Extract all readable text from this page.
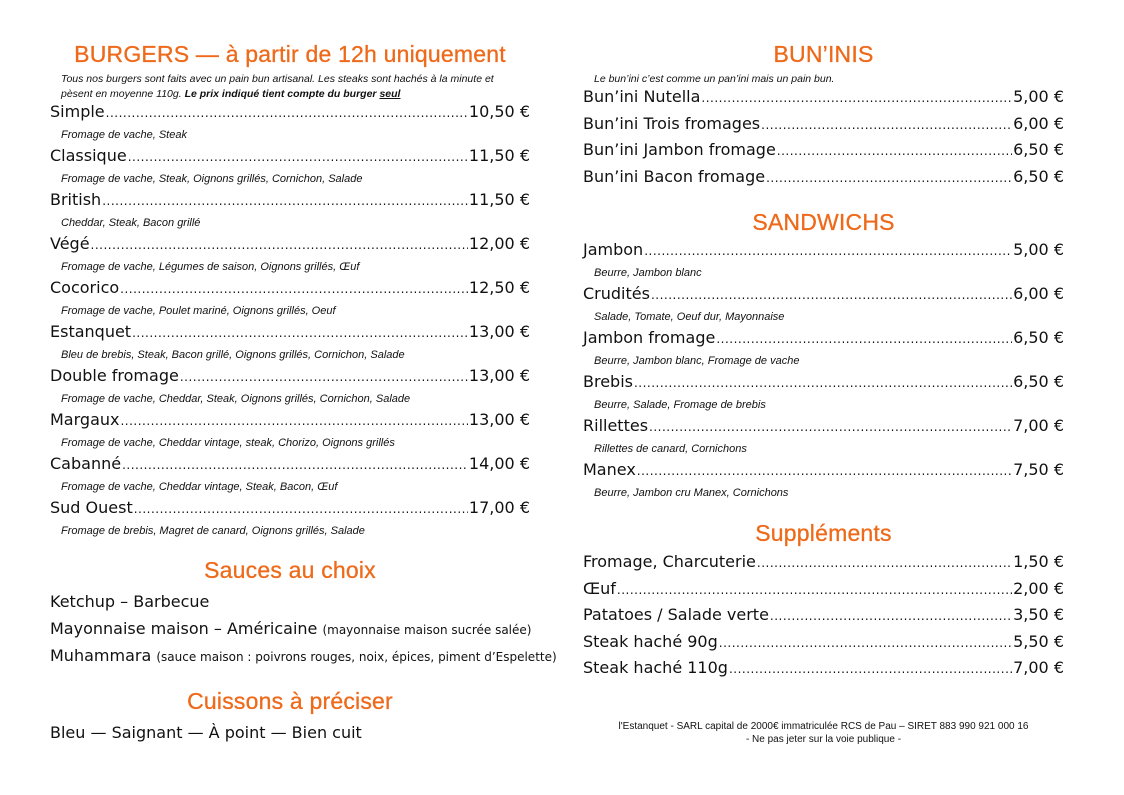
BURGERS — à partir de 12h uniquement
Tous nos burgers sont faits avec un pain bun artisanal. Les steaks sont hachés à la minute et
pèsent en moyenne 110g. Le prix indiqué tient compte du burger seul
Simple .....	10,50 €
Fromage de vache, Steak
Classique .....	11,50 €
Fromage de vache, Steak, Oignons grillés, Cornichon, Salade
British .....	11,50 €
Cheddar, Steak, Bacon grillé
Végé .....	12,00 €
Fromage de vache, Légumes de saison, Oignons grillés, Œuf
Cocorico .....	12,50 €
Fromage de vache, Poulet mariné, Oignons grillés, Oeuf
Estanquet .....	13,00 €
Bleu de brebis, Steak, Bacon grillé, Oignons grillés, Cornichon, Salade
Double fromage .....	13,00 €
Fromage de vache, Cheddar, Steak, Oignons grillés, Cornichon, Salade
Margaux .....	13,00 €
Fromage de vache, Cheddar vintage, steak, Chorizo, Oignons grillés
Cabanné .....	14,00 €
Fromage de vache, Cheddar vintage, Steak, Bacon, Œuf
Sud Ouest .....	17,00 €
Fromage de brebis, Magret de canard, Oignons grillés, Salade
Sauces au choix
Ketchup – Barbecue
Mayonnaise maison – Américaine (mayonnaise maison sucrée salée)
Muhammara (sauce maison : poivrons rouges, noix, épices, piment d’Espelette)
Cuissons à préciser
Bleu — Saignant — À point — Bien cuit
BUN’INIS
Le bun’ini c’est comme un pan’ini mais un pain bun.
Bun’ini Nutella .....	5,00 €
Bun’ini Trois fromages .....	6,00 €
Bun’ini Jambon fromage .....	6,50 €
Bun’ini Bacon fromage .....	6,50 €
SANDWICHS
Jambon .....	5,00 €
Beurre, Jambon blanc
Crudités .....	6,00 €
Salade, Tomate, Oeuf dur, Mayonnaise
Jambon fromage .....	6,50 €
Beurre, Jambon blanc, Fromage de vache
Brebis .....	6,50 €
Beurre, Salade, Fromage de brebis
Rillettes .....	7,00 €
Rillettes de canard, Cornichons
Manex .....	7,50 €
Beurre, Jambon cru Manex, Cornichons
Suppléments
Fromage, Charcuterie .....	1,50 €
Œuf .....	2,00 €
Patatoes / Salade verte .....	3,50 €
Steak haché 90g .....	5,50 €
Steak haché 110g .....	7,00 €
l'Estanquet - SARL capital de 2000€ immatriculée RCS de Pau – SIRET 883 990 921 000 16
- Ne pas jeter sur la voie publique -
